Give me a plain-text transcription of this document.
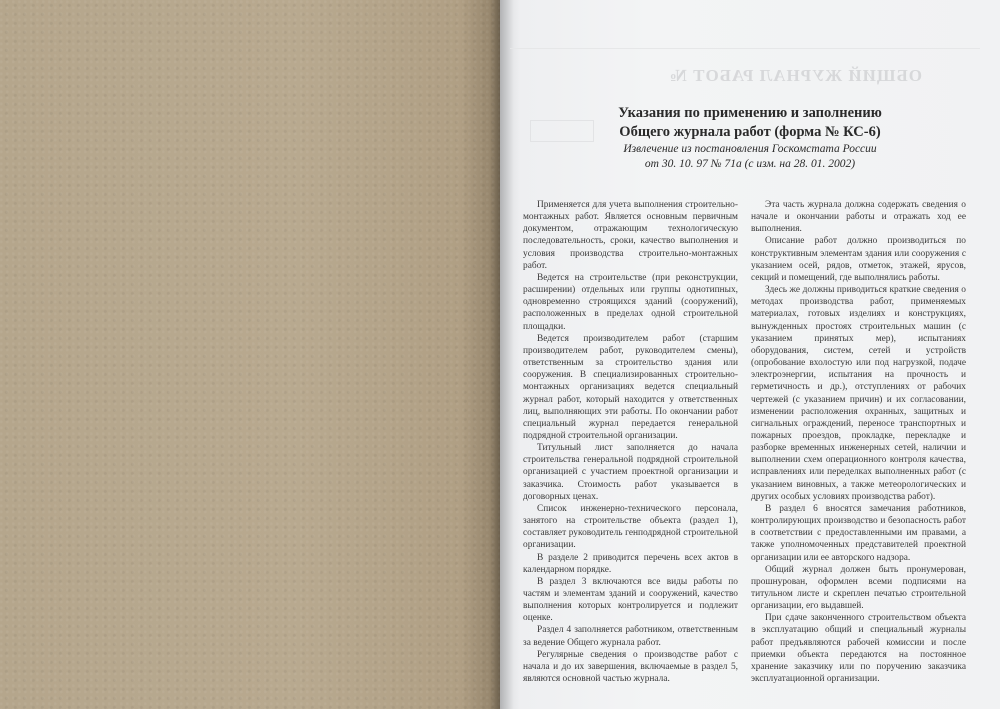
ОБЩИЙ ЖУРНАЛ РАБОТ №
Указания по применению и заполнению
Общего журнала работ (форма № КС-6)
Извлечение из постановления Госкомстата России
от 30. 10. 97 № 71а (с изм. на 28. 01. 2002)

Применяется для учета выполнения строительно-монтажных работ. Является основным первичным документом, отражающим технологическую последовательность, сроки, качество выполнения и условия производства строительно-монтажных работ.

Ведется на строительстве (при реконструкции, расширении) отдельных или группы однотипных, одновременно строящихся зданий (сооружений), расположенных в пределах одной строительной площадки.

Ведется производителем работ (старшим производителем работ, руководителем смены), ответственным за строительство здания или сооружения. В специализированных строительно-монтажных организациях ведется специальный журнал работ, который находится у ответственных лиц, выполняющих эти работы. По окончании работ специальный журнал передается генеральной подрядной строительной организации.

Титульный лист заполняется до начала строительства генеральной подрядной строительной организацией с участием проектной организации и заказчика. Стоимость работ указывается в договорных ценах.

Список инженерно-технического персонала, занятого на строительстве объекта (раздел 1), составляет руководитель генподрядной строительной организации.

В разделе 2 приводится перечень всех актов в календарном порядке.

В раздел 3 включаются все виды работы по частям и элементам зданий и сооружений, качество выполнения которых контролируется и подлежит оценке.

Раздел 4 заполняется работником, ответственным за ведение Общего журнала работ.

Регулярные сведения о производстве работ с начала и до их завершения, включаемые в раздел 5, являются основной частью журнала.

Эта часть журнала должна содержать сведения о начале и окончании работы и отражать ход ее выполнения.

Описание работ должно производиться по конструктивным элементам здания или сооружения с указанием осей, рядов, отметок, этажей, ярусов, секций и помещений, где выполнялись работы.

Здесь же должны приводиться краткие сведения о методах производства работ, применяемых материалах, готовых изделиях и конструкциях, вынужденных простоях строительных машин (с указанием принятых мер), испытаниях оборудования, систем, сетей и устройств (опробование вхолостую или под нагрузкой, подаче электроэнергии, испытания на прочность и герметичность и др.), отступлениях от рабочих чертежей (с указанием причин) и их согласовании, изменении расположения охранных, защитных и сигнальных ограждений, переносе транспортных и пожарных проездов, прокладке, перекладке и разборке временных инженерных сетей, наличии и выполнении схем операционного контроля качества, исправлениях или переделках выполненных работ (с указанием виновных, а также метеорологических и других особых условиях производства работ).

В раздел 6 вносятся замечания работников, контролирующих производство и безопасность работ в соответствии с предоставленными им правами, а также уполномоченных представителей проектной организации или ее авторского надзора.

Общий журнал должен быть пронумерован, прошнурован, оформлен всеми подписями на титульном листе и скреплен печатью строительной организации, его выдавшей.

При сдаче законченного строительством объекта в эксплуатацию общий и специальный журналы работ предъявляются рабочей комиссии и после приемки объекта передаются на постоянное хранение заказчику или по поручению заказчика эксплуатационной организации.
